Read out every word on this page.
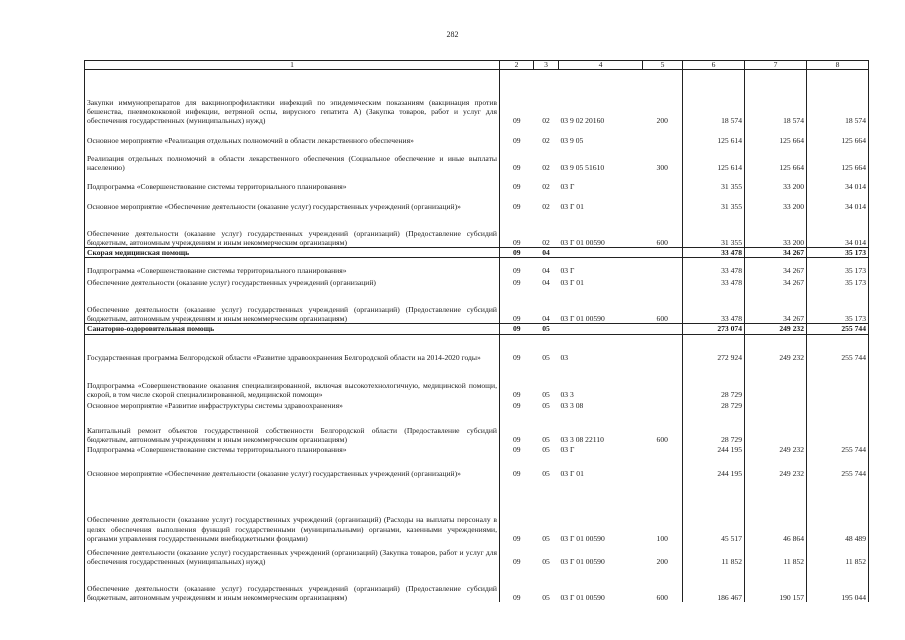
282
1	2	3	4	5	6	7	8
Закупки иммунопрепаратов для вакцинопрофилактики инфекций по эпидемическим показаниям (вакцинация против бешенства, пневмококковой инфекции, ветряной оспы, вирусного гепатита А) (Закупка товаров, работ и услуг для обеспечения государственных (муниципальных) нужд)	09	02	03 9 02 20160	200	18 574	18 574	18 574
Основное мероприятие «Реализация отдельных полномочий в области лекарственного обеспечения»	09	02	03 9 05		125 614	125 664	125 664
Реализация отдельных полномочий в области лекарственного обеспечения (Социальное обеспечение и иные выплаты населению)	09	02	03 9 05 51610	300	125 614	125 664	125 664
Подпрограмма «Совершенствование системы территориального планирования»	09	02	03 Г		31 355	33 200	34 014
Основное мероприятие «Обеспечение деятельности (оказание услуг) государственных учреждений (организаций)»	09	02	03 Г 01		31 355	33 200	34 014
Обеспечение деятельности (оказание услуг) государственных учреждений (организаций) (Предоставление субсидий бюджетным, автономным учреждениям и иным некоммерческим организациям)	09	02	03 Г 01 00590	600	31 355	33 200	34 014
Скорая медицинская помощь	09	04			33 478	34 267	35 173
Подпрограмма «Совершенствование системы территориального планирования»	09	04	03 Г		33 478	34 267	35 173
Обеспечение деятельности (оказание услуг) государственных учреждений (организаций)	09	04	03 Г 01		33 478	34 267	35 173
Обеспечение деятельности (оказание услуг) государственных учреждений (организаций) (Предоставление субсидий бюджетным, автономным учреждениям и иным некоммерческим организациям)	09	04	03 Г 01 00590	600	33 478	34 267	35 173
Санаторно-оздоровительная помощь	09	05			273 074	249 232	255 744
Государственная программа Белгородской области «Развитие здравоохранения Белгородской области на 2014-2020 годы»	09	05	03		272 924	249 232	255 744
Подпрограмма «Совершенствование оказания специализированной, включая высокотехнологичную, медицинской помощи, скорой, в том числе скорой специализированной, медицинской помощи»	09	05	03 3		28 729		
Основное мероприятие «Развитие инфраструктуры системы здравоохранения»	09	05	03 3 08		28 729		
Капитальный ремонт объектов государственной собственности Белгородской области (Предоставление субсидий бюджетным, автономным учреждениям и иным некоммерческим организациям)	09	05	03 3 08 22110	600	28 729		
Подпрограмма «Совершенствование системы территориального планирования»	09	05	03 Г		244 195	249 232	255 744
Основное мероприятие «Обеспечение деятельности (оказание услуг) государственных учреждений (организаций)»	09	05	03 Г 01		244 195	249 232	255 744
Обеспечение деятельности (оказание услуг) государственных учреждений (организаций) (Расходы на выплаты персоналу в целях обеспечения выполнения функций государственными (муниципальными) органами, казенными учреждениями, органами управления государственными внебюджетными фондами)	09	05	03 Г 01 00590	100	45 517	46 864	48 489
Обеспечение деятельности (оказание услуг) государственных учреждений (организаций) (Закупка товаров, работ и услуг для обеспечения государственных (муниципальных) нужд)	09	05	03 Г 01 00590	200	11 852	11 852	11 852
Обеспечение деятельности (оказание услуг) государственных учреждений (организаций) (Предоставление субсидий бюджетным, автономным учреждениям и иным некоммерческим организациям)	09	05	03 Г 01 00590	600	186 467	190 157	195 044
